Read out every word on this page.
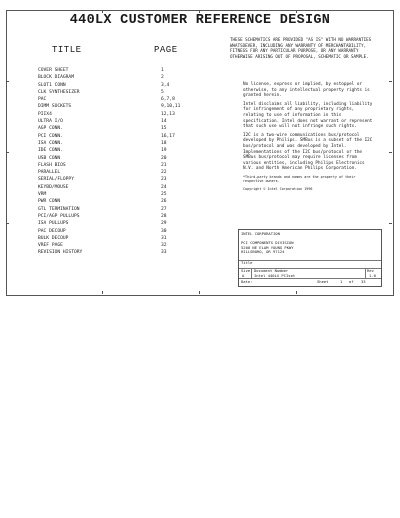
440LX CUSTOMER REFERENCE DESIGN
TITLE	PAGE
COVER SHEET	1
BLOCK DIAGRAM	2
SLOT1 CONN	3,4
CLK SYNTHESIZER	5
PAC	6,7,8
DIMM SOCKETS	9,10,11
PIIX4	12,13
ULTRA I/O	14
AGP CONN.	15
PCI CONN.	16,17
ISA CONN.	18
IDE CONN.	19
USB CONN	20
FLASH BIOS	21
PARALLEL	22
SERIAL/FLOPPY	23
KEYBD/MOUSE	24
VRM	25
PWR CONN	26
GTL TERMINATION	27
PCI/AGP PULLUPS	28
ISA PULLUPS	29
PAC DECOUP	30
BULK DECOUP	31
VREF PAGE	32
REVISION HISTORY	33
THESE SCHEMATICS ARE PROVIDED "AS IS" WITH NO WARRANTIES WHATSOEVER, INCLUDING ANY WARRANTY OF MERCHANTABILITY, FITNESS FOR ANY PARTICULAR PURPOSE, OR ANY WARRANTY OTHERWISE ARISING OUT OF PROPOSAL, SCHEMATIC OR SAMPLE.

No license, express or implied, by estoppel or otherwise, to any intellectual property rights is granted herein.

Intel disclaims all liability, including liability for infringement of any proprietary rights, relating to use of information in this specification. Intel does not warrant or represent that such use will not infringe such rights.

I2C is a two-wire communications bus/protocol developed by Philips. SMBus is a subset of the I2C bus/protocol and was developed by Intel. Implementations of the I2C bus/protocol or the SMBus bus/protocol may require licenses from various entities, including Philips Electronics N.V. and North American Philips Corporation.

*Third-party brands and names are the property of their respective owners.

Copyright © Intel Corporation 1996

INTEL CORPORATION
PCI COMPONENTS DIVISION
5200 NE ELAM YOUNG PKWY
HILLSBORO, OR 97124
Title
Size
A
Document Number
Intel 440LX PCIset
Rev
1.0
Date:	Sheet	1 of 33
